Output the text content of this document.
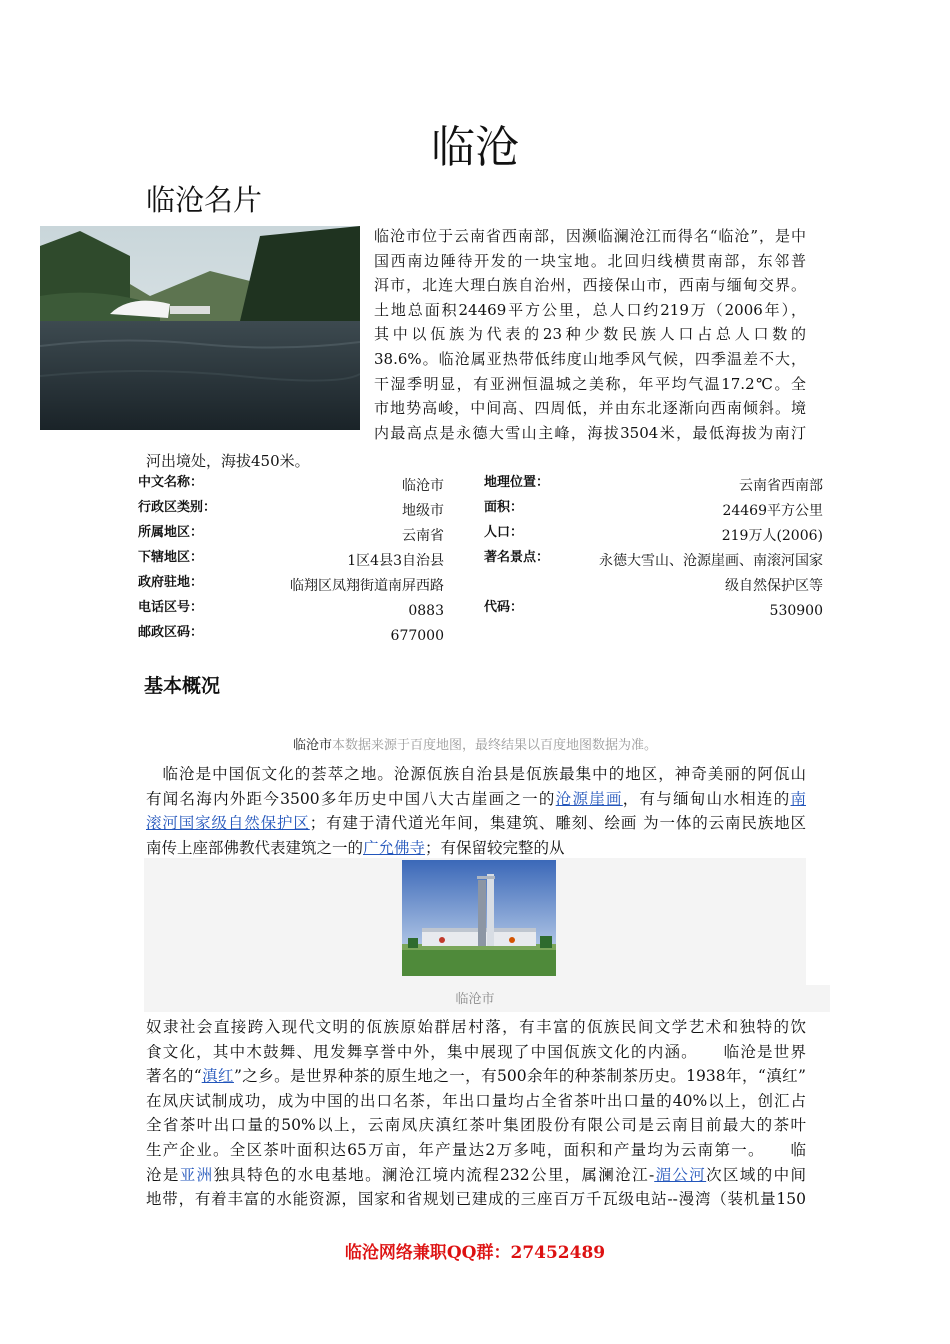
临沧
临沧名片
临沧市位于云南省西南部，因濒临澜沧江而得名“临沧”，是中
国西南边陲待开发的一块宝地。北回归线横贯南部，东邻普
洱市，北连大理白族自治州，西接保山市，西南与缅甸交界。
土地总面积24469平方公里，总人口约219万（2006年），
其中以佤族为代表的23种少数民族人口占总人口数的
38.6%。临沧属亚热带低纬度山地季风气候，四季温差不大，
干湿季明显，有亚洲恒温城之美称，年平均气温17.2℃。全
市地势高峻，中间高、四周低，并由东北逐渐向西南倾斜。境
内最高点是永德大雪山主峰，海拔3504米，最低海拔为南汀
河出境处，海拔450米。
中文名称：	临沧市
行政区类别：	地级市
所属地区：	云南省
下辖地区：	1区4县3自治县
政府驻地：	临翔区凤翔街道南屏西路
电话区号：	0883
邮政区码：	677000
地理位置：	云南省西南部
面积：	24469平方公里
人口：	219万人(2006)
著名景点：	永德大雪山、沧源崖画、南滚河国家
级自然保护区等
代码：	530900
基本概况
临沧市本数据来源于百度地图，最终结果以百度地图数据为准。
　临沧是中国佤文化的荟萃之地。沧源佤族自治县是佤族最集中的地区，神奇美丽的阿佤山
有闻名海内外距今3500多年历史中国八大古崖画之一的沧源崖画，有与缅甸山水相连的南
滚河国家级自然保护区；有建于清代道光年间，集建筑、雕刻、绘画 为一体的云南民族地区
南传上座部佛教代表建筑之一的广允佛寺；有保留较完整的从
临沧市
奴隶社会直接跨入现代文明的佤族原始群居村落，有丰富的佤族民间文学艺术和独特的饮
食文化，其中木鼓舞、甩发舞享誉中外，集中展现了中国佤族文化的内涵。　　临沧是世界
著名的“滇红”之乡。是世界种茶的原生地之一，有500余年的种茶制茶历史。1938年，“滇红”
在凤庆试制成功，成为中国的出口名茶，年出口量均占全省茶叶出口量的40%以上，创汇占
全省茶叶出口量的50%以上，云南凤庆滇红茶叶集团股份有限公司是云南目前最大的茶叶
生产企业。全区茶叶面积达65万亩，年产量达2万多吨，面积和产量均为云南第一。　　临
沧是亚洲独具特色的水电基地。澜沧江境内流程232公里，属澜沧江-湄公河次区域的中间
地带，有着丰富的水能资源，国家和省规划已建成的三座百万千瓦级电站--漫湾（装机量150
临沧网络兼职QQ群：27452489
